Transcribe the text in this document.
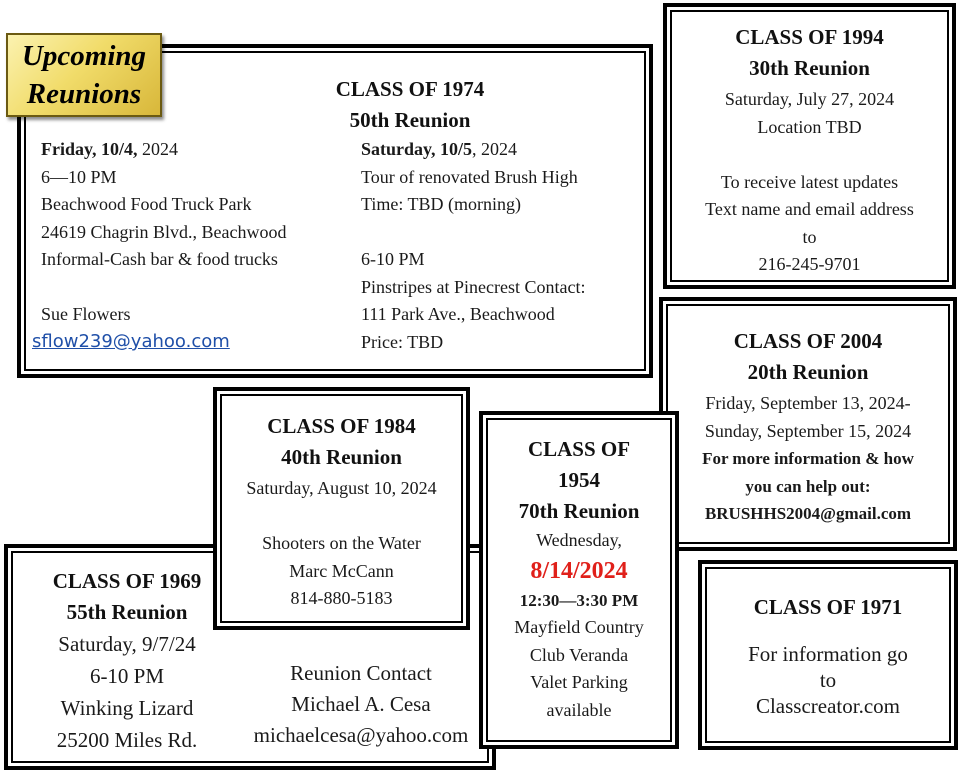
Upcoming
Reunions	CLASS OF 1974

50th Reunion

Friday, 10/4, 2024

6—10 PM

Beachwood Food Truck Park

24619 Chagrin Blvd., Beachwood

Informal-Cash bar & food trucks

Sue Flowers

sflow239@yahoo.com

Saturday, 10/5, 2024

Tour of renovated Brush High

Time: TBD (morning)

6-10 PM

Pinstripes at Pinecrest Contact:

111 Park Ave., Beachwood

Price: TBD

CLASS OF 1994

30th Reunion

Saturday, July 27, 2024

Location TBD

To receive latest updates

Text name and email address

to

216-245-9701

CLASS OF 2004

20th Reunion

Friday, September 13, 2024-

Sunday, September 15, 2024

For more information & how

you can help out:

BRUSHHS2004@gmail.com

CLASS OF 1969

55th Reunion

Saturday, 9/7/24

6-10 PM

Winking Lizard

25200 Miles Rd.

Reunion Contact

Michael A. Cesa

michaelcesa@yahoo.com

CLASS OF 1984

40th Reunion

Saturday, August 10, 2024

Shooters on the Water

Marc McCann

814-880-5183

CLASS OF

1954

70th Reunion

Wednesday,

8/14/2024

12:30—3:30 PM

Mayfield Country

Club Veranda

Valet Parking

available

CLASS OF 1971

For information go

to

Classcreator.com
